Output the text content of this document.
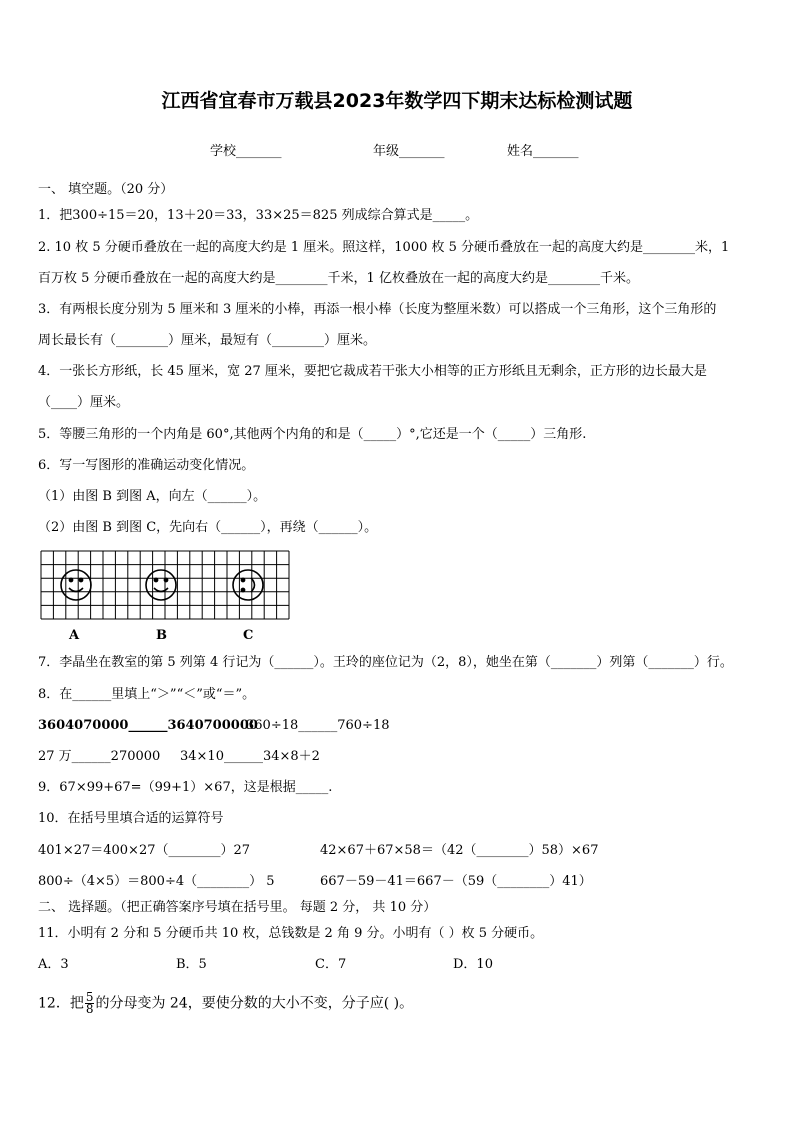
江西省宜春市万载县2023年数学四下期末达标检测试题
学校_______	年级_______	姓名_______
一、 填空题。（20 分）
1．把300÷15＝20，13＋20＝33，33×25＝825 列成综合算式是_____。
2. 10 枚 5 分硬币叠放在一起的高度大约是 1 厘米。照这样，1000 枚 5 分硬币叠放在一起的高度大约是________米，1
百万枚 5 分硬币叠放在一起的高度大约是________千米，1 亿枚叠放在一起的高度大约是________千米。
3．有两根长度分别为 5 厘米和 3 厘米的小棒，再添一根小棒（长度为整厘米数）可以搭成一个三角形，这个三角形的
周长最长有（________）厘米，最短有（________）厘米。
4．一张长方形纸，长 45 厘米，宽 27 厘米，要把它裁成若干张大小相等的正方形纸且无剩余，正方形的边长最大是
（____）厘米。
5．等腰三角形的一个内角是 60°,其他两个内角的和是（_____）°,它还是一个（_____）三角形.
6．写一写图形的准确运动变化情况。
（1）由图 B 到图 A，向左（______）。
（2）由图 B 到图 C，先向右（______），再绕（______）。
A	B	C
7．李晶坐在教室的第 5 列第 4 行记为（______）。王玲的座位记为（2，8），她坐在第（_______）列第（_______）行。
8．在______里填上“＞”“＜”或“＝”。
3604070000______3640700000
360÷18______760÷18
27 万______270000 34×10______34×8＋2
9．67×99+67=（99+1）×67，这是根据_____.
10．在括号里填合适的运算符号
401×27＝400×27（________）27	42×67＋67×58＝（42（________）58）×67
800÷（4×5）＝800÷4（________） 5	667－59－41＝667－（59（________）41）
二、 选择题。（把正确答案序号填在括号里。 每题 2 分， 共 10 分）
11．小明有 2 分和 5 分硬币共 10 枚，总钱数是 2 角 9 分。小明有（ ）枚 5 分硬币。
A．3	B．5	C．7	D．10
12．把 $\frac{5}{8}$ 的分母变为 24，要使分数的大小不变，分子应( )。
